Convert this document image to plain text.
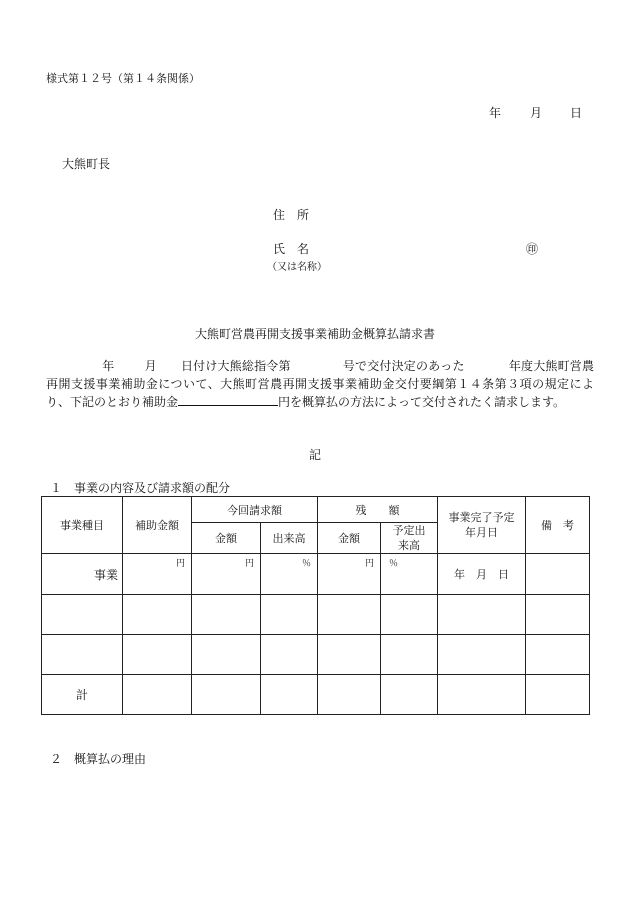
様式第１２号（第１４条関係）
年 月 日
大熊町長
住　所
氏　名
（又は名称）
㊞
大熊町営農再開支援事業補助金概算払請求書
年	月 日付け大熊総指令第	号で交付決定のあった	年度大熊町営農再開支援事業補助金について、大熊町営農再開支援事業補助金交付要綱第１４条第３項の規定により、下記のとおり補助金	円を概算払の方法によって交付されたく請求します。
記
１　事業の内容及び請求額の配分
事業種目	補助金額	今回請求額		残　　額		事業完了予定年月日	備　考
		金額	出来高	金額	予定出来高		
事業	円	円	％	円	％	年　月　日	

計							
２　概算払の理由
